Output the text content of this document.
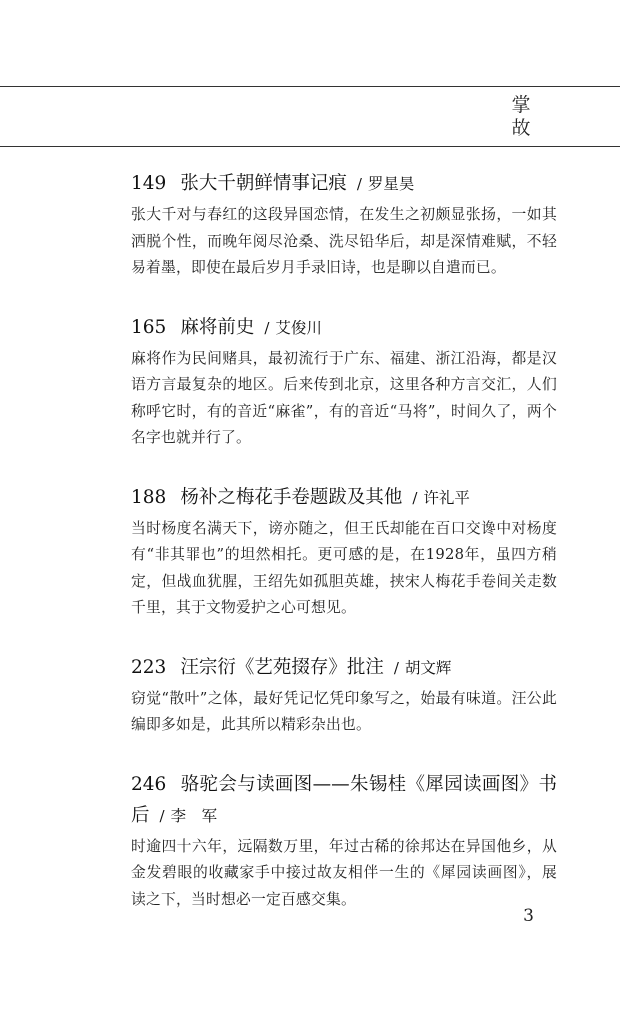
掌
故
149 张大千朝鲜情事记痕 / 罗星昊

张大千对与春红的这段异国恋情，在发生之初颇显张扬，一如其洒脱个性，而晚年阅尽沧桑、洗尽铅华后，却是深情难赋，不轻易着墨，即使在最后岁月手录旧诗，也是聊以自遣而已。

165 麻将前史 / 艾俊川

麻将作为民间赌具，最初流行于广东、福建、浙江沿海，都是汉语方言最复杂的地区。后来传到北京，这里各种方言交汇，人们称呼它时，有的音近“麻雀”，有的音近“马将”，时间久了，两个名字也就并行了。

188 杨补之梅花手卷题跋及其他 / 许礼平

当时杨度名满天下，谤亦随之，但王氏却能在百口交谗中对杨度有“非其罪也”的坦然相托。更可感的是，在1928年，虽四方稍定，但战血犹腥，王绍先如孤胆英雄，挟宋人梅花手卷间关走数千里，其于文物爱护之心可想见。

223 汪宗衍《艺苑掇存》批注 / 胡文辉

窃觉“散叶”之体，最好凭记忆凭印象写之，始最有味道。汪公此编即多如是，此其所以精彩杂出也。

246 骆驼会与读画图——朱锡桂《犀园读画图》书后 / 李　军

时逾四十六年，远隔数万里，年过古稀的徐邦达在异国他乡，从金发碧眼的收藏家手中接过故友相伴一生的《犀园读画图》，展读之下，当时想必一定百感交集。

3
